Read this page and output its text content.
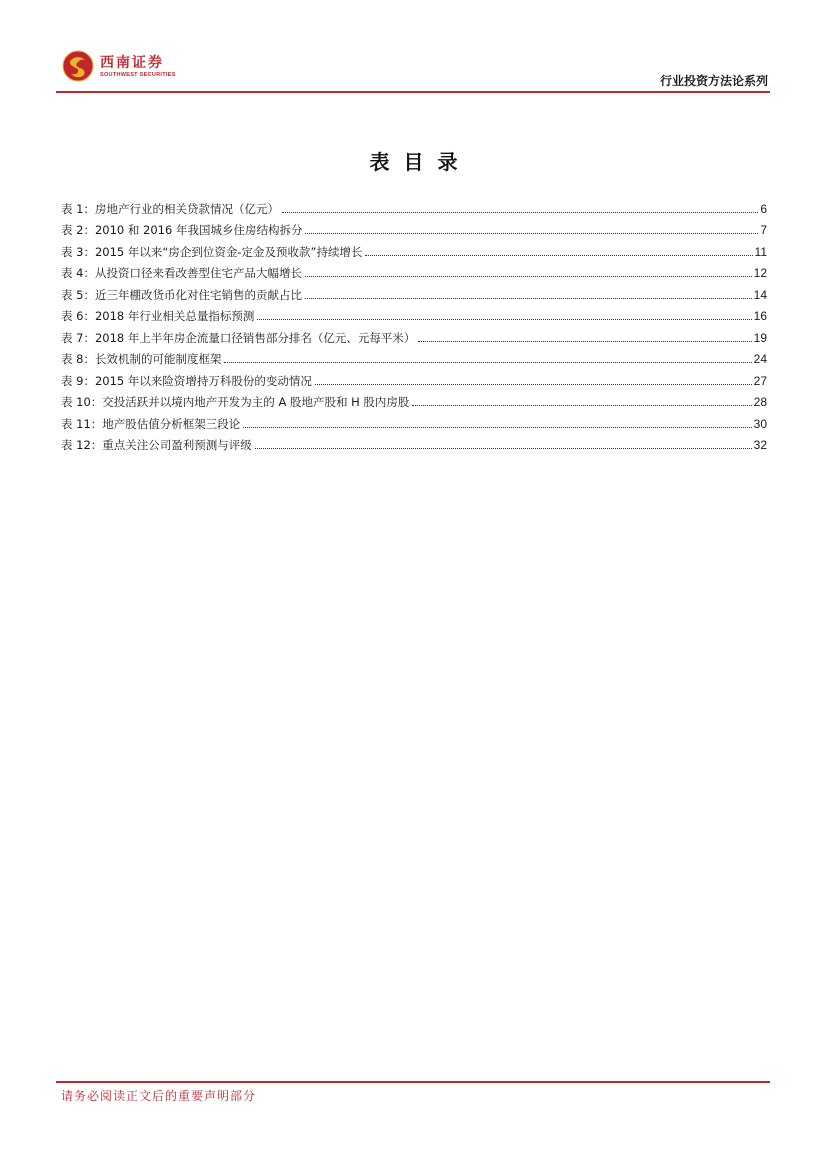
西南证券
SOUTHWEST SECURITIES	行业投资方法论系列
表目录
表 1：房地产行业的相关贷款情况（亿元）	6
表 2：2010 和 2016 年我国城乡住房结构拆分	7
表 3：2015 年以来“房企到位资金-定金及预收款”持续增长	11
表 4：从投资口径来看改善型住宅产品大幅增长	12
表 5：近三年棚改货币化对住宅销售的贡献占比	14
表 6：2018 年行业相关总量指标预测	16
表 7：2018 年上半年房企流量口径销售部分排名（亿元、元每平米）	19
表 8：长效机制的可能制度框架	24
表 9：2015 年以来险资增持万科股份的变动情况	27
表 10：交投活跃并以境内地产开发为主的 A 股地产股和 H 股内房股	28
表 11：地产股估值分析框架三段论	30
表 12：重点关注公司盈利预测与评级	32
请务必阅读正文后的重要声明部分
